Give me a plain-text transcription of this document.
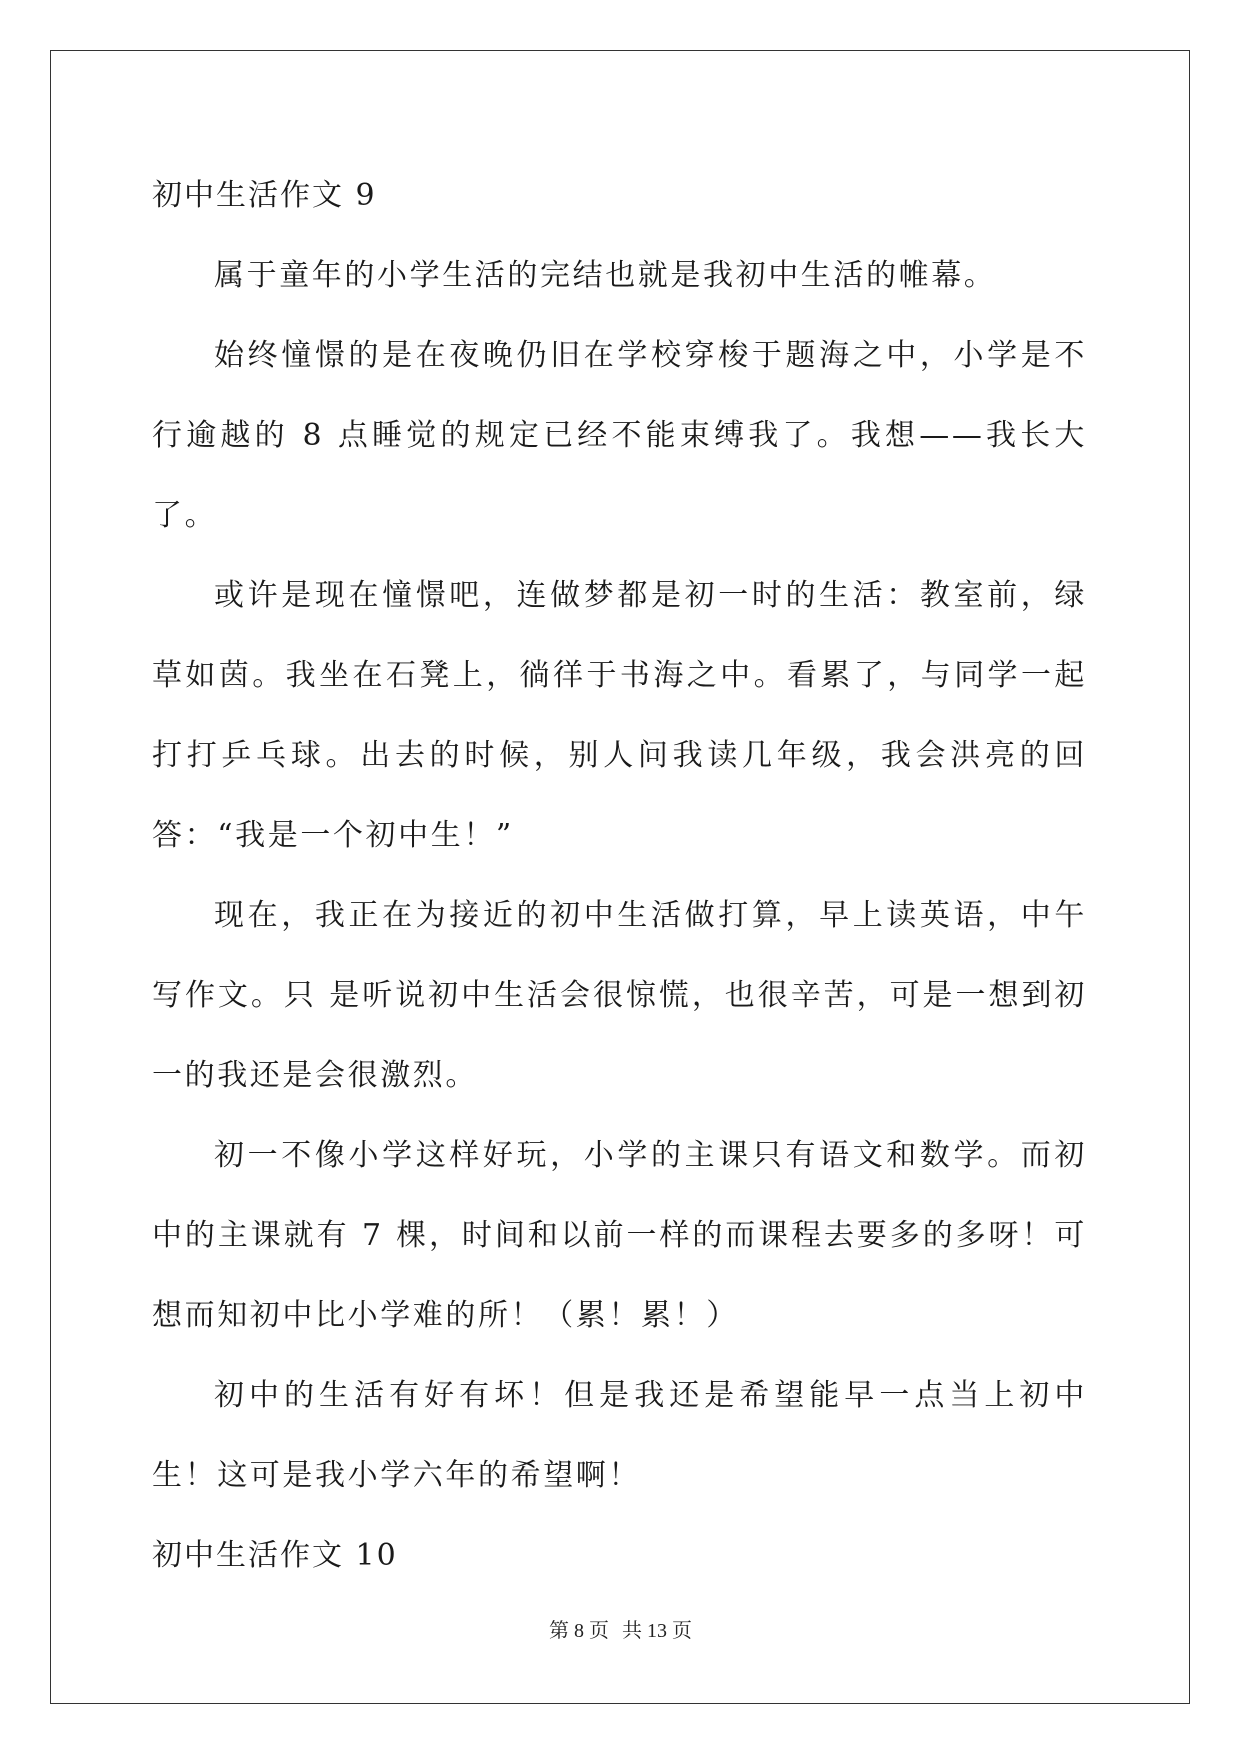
初中生活作文 9

属于童年的小学生活的完结也就是我初中生活的帷幕。

始终憧憬的是在夜晚仍旧在学校穿梭于题海之中，小学是不行逾越的 8 点睡觉的规定已经不能束缚我了。我想——我长大了。

或许是现在憧憬吧，连做梦都是初一时的生活：教室前，绿草如茵。我坐在石凳上，徜徉于书海之中。看累了，与同学一起打打乒乓球。出去的时候，别人问我读几年级，我会洪亮的回答：“我是一个初中生！”

现在，我正在为接近的初中生活做打算，早上读英语，中午写作文。只 是听说初中生活会很惊慌，也很辛苦，可是一想到初一的我还是会很激烈。

初一不像小学这样好玩，小学的主课只有语文和数学。而初中的主课就有 7 棵，时间和以前一样的而课程去要多的多呀！可想而知初中比小学难的所！（累！累！）

初中的生活有好有坏！但是我还是希望能早一点当上初中生！这可是我小学六年的希望啊！

初中生活作文 10
第 8 页 共 13 页
